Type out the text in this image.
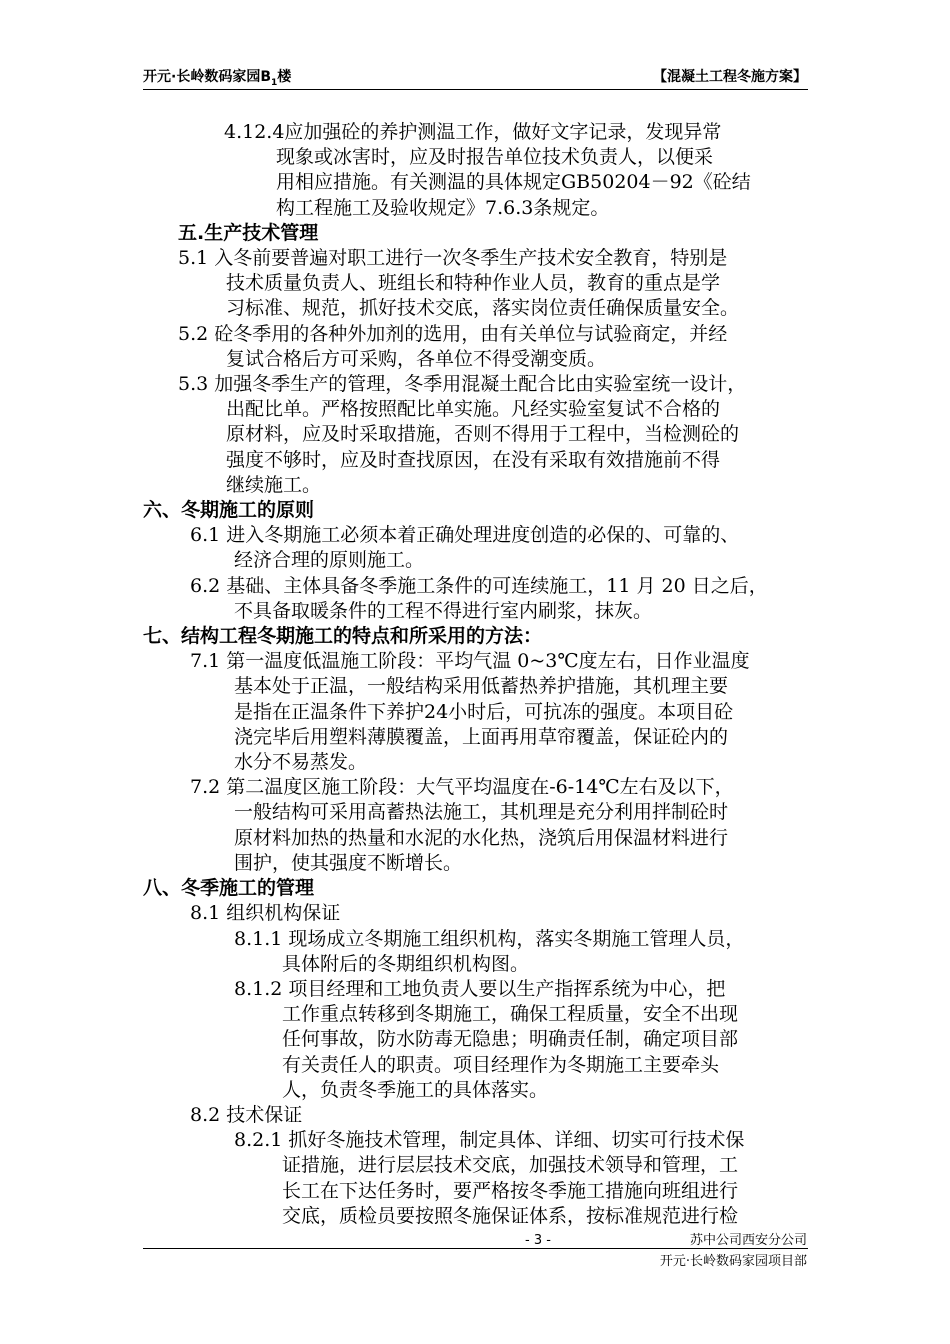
开元·长岭数码家园$B_1$楼	【混凝土工程冬施方案】
4.12.4应加强砼的养护测温工作，做好文字记录，发现异常
现象或冰害时，应及时报告单位技术负责人，以便采
用相应措施。有关测温的具体规定GB50204－92《砼结
构工程施工及验收规定》7.6.3条规定。
五.生产技术管理
5.1 入冬前要普遍对职工进行一次冬季生产技术安全教育，特别是
技术质量负责人、班组长和特种作业人员，教育的重点是学
习标准、规范，抓好技术交底，落实岗位责任确保质量安全。
5.2 砼冬季用的各种外加剂的选用，由有关单位与试验商定，并经
复试合格后方可采购，各单位不得受潮变质。
5.3 加强冬季生产的管理，冬季用混凝土配合比由实验室统一设计，
出配比单。严格按照配比单实施。凡经实验室复试不合格的
原材料，应及时采取措施，否则不得用于工程中，当检测砼的
强度不够时，应及时查找原因，在没有采取有效措施前不得
继续施工。
六、冬期施工的原则
6.1 进入冬期施工必须本着正确处理进度创造的必保的、可靠的、
经济合理的原则施工。
6.2 基础、主体具备冬季施工条件的可连续施工，11 月 20 日之后，
不具备取暖条件的工程不得进行室内刷浆，抹灰。
七、结构工程冬期施工的特点和所采用的方法：
7.1 第一温度低温施工阶段：平均气温 0~3℃度左右，日作业温度
基本处于正温，一般结构采用低蓄热养护措施，其机理主要
是指在正温条件下养护24小时后，可抗冻的强度。本项目砼
浇完毕后用塑料薄膜覆盖，上面再用草帘覆盖，保证砼内的
水分不易蒸发。
7.2 第二温度区施工阶段：大气平均温度在-6-14℃左右及以下，
一般结构可采用高蓄热法施工，其机理是充分利用拌制砼时
原材料加热的热量和水泥的水化热，浇筑后用保温材料进行
围护，使其强度不断增长。
八、冬季施工的管理
8.1 组织机构保证
8.1.1 现场成立冬期施工组织机构，落实冬期施工管理人员，
具体附后的冬期组织机构图。
8.1.2 项目经理和工地负责人要以生产指挥系统为中心，把
工作重点转移到冬期施工，确保工程质量，安全不出现
任何事故，防水防毒无隐患；明确责任制，确定项目部
有关责任人的职责。项目经理作为冬期施工主要牵头
人，负责冬季施工的具体落实。
8.2 技术保证
8.2.1 抓好冬施技术管理，制定具体、详细、切实可行技术保
证措施，进行层层技术交底，加强技术领导和管理，工
长工在下达任务时，要严格按冬季施工措施向班组进行
交底，质检员要按照冬施保证体系，按标准规范进行检
苏中公司西安分公司
- 3 -
开元·长岭数码家园项目部
